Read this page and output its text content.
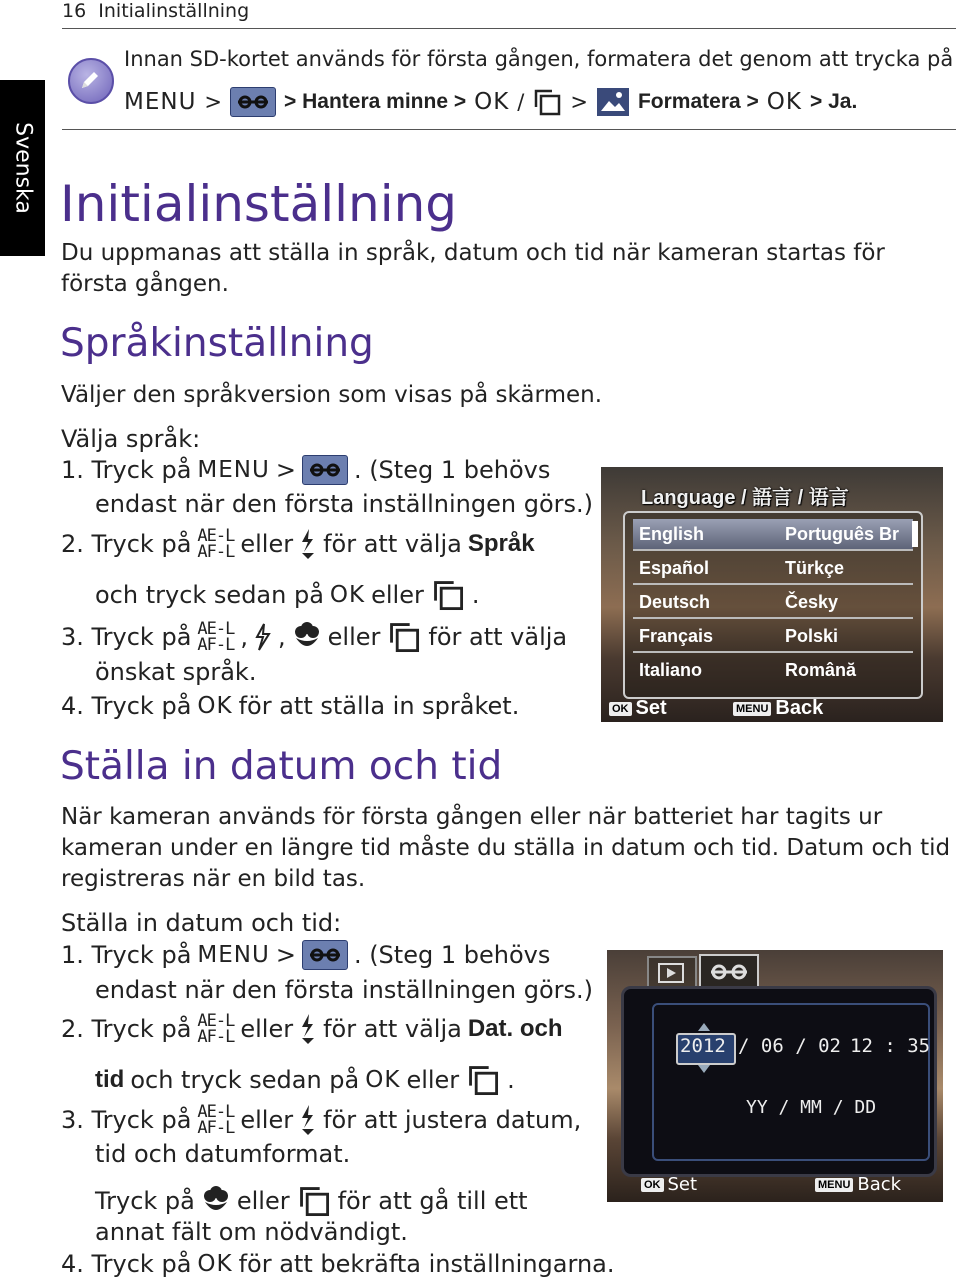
Svenska
16 Initialinställning
Innan SD-kortet används för första gången, formatera det genom att trycka på
MENU >	> Hantera minne > OK / > Formatera > OK > Ja.
Initialinställning
Du uppmanas att ställa in språk, datum och tid när kameran startas för första gången.
Språkinställning
Väljer den språkversion som visas på skärmen.
Välja språk:
1. Tryck på MENU > . (Steg 1 behövs
endast när den första inställningen görs.)
2. Tryck på AE-L
AF-L eller för att välja Språk
och tryck sedan på OK eller .
3. Tryck på AE-L
AF-L , , eller för att välja
önskat språk.
4. Tryck på OK för att ställa in språket.
Language / 語言 / 语言
English	Português Br
Español	Türkçe
Deutsch	Česky
Français	Polski
Italiano	Română
OK Set	MENU Back
Ställa in datum och tid
När kameran används för första gången eller när batteriet har tagits ur kameran under en längre tid måste du ställa in datum och tid. Datum och tid registreras när en bild tas.
Ställa in datum och tid:
1. Tryck på MENU > . (Steg 1 behövs
endast när den första inställningen görs.)
2. Tryck på AE-L
AF-L eller för att välja Dat. och
tid och tryck sedan på OK eller .
3. Tryck på AE-L
AF-L eller för att justera datum,
tid och datumformat.
Tryck på eller för att gå till ett
annat fält om nödvändigt.
4. Tryck på OK för att bekräfta inställningarna.
2012 / 06 / 02 12 : 35
YY / MM / DD
OK Set	MENU Back
